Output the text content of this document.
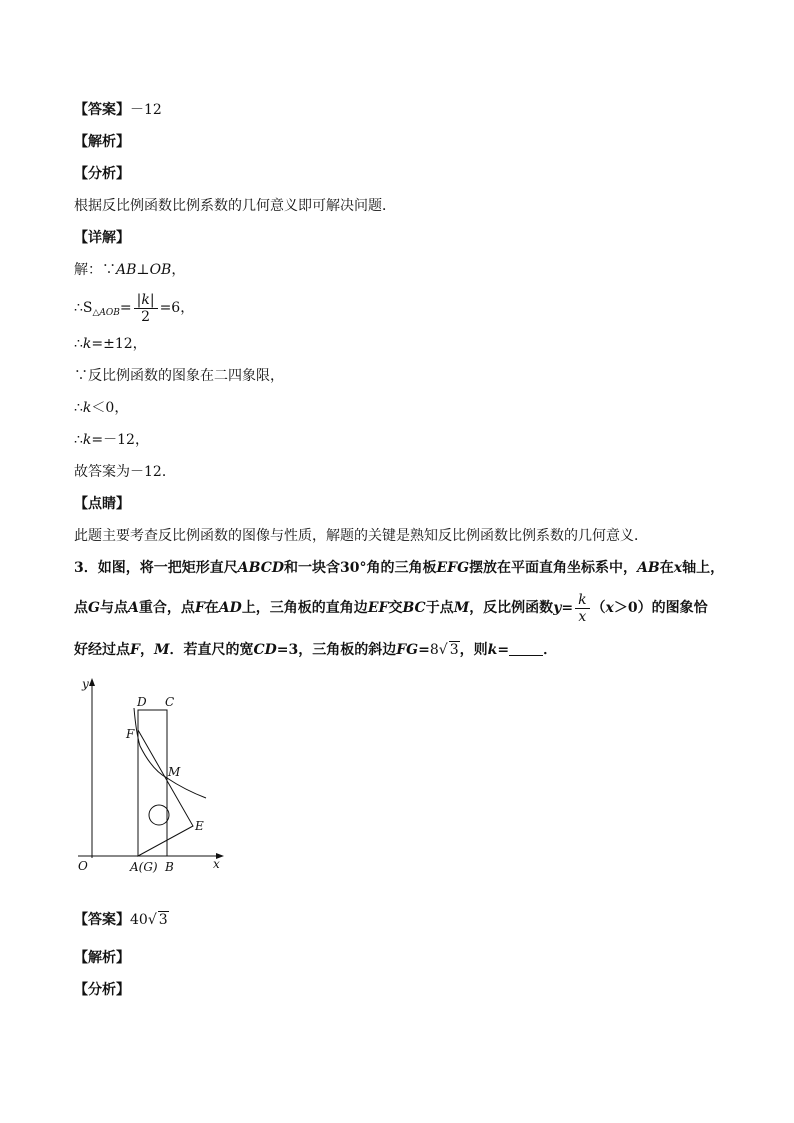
【答案】－12
【解析】
【分析】
根据反比例函数比例系数的几何意义即可解决问题．
【详解】
解：∵AB⊥OB，
$\therefore S_{\triangle AOB}= \frac{|k|}{2} =6$，
∴k=±12，
∵反比例函数的图象在二四象限，
∴k＜0，
∴k=－12，
故答案为－12．
【点睛】
此题主要考查反比例函数的图像与性质，解题的关键是熟知反比例函数比例系数的几何意义．
3．如图，将一把矩形直尺ABCD和一块含30°角的三角板EFG摆放在平面直角坐标系中，AB在x轴上，
点G与点A重合，点F在AD上，三角板的直角边EF交BC于点M，反比例函数$y= \frac{k}{x} (x>0)$的图象恰
好经过点F，M．若直尺的宽CD=3，三角板的斜边FG=8√ 3，则k= ．
y
x
O
D C
F
M
E
A(G) B
【答案】40√ 3
【解析】
【分析】
